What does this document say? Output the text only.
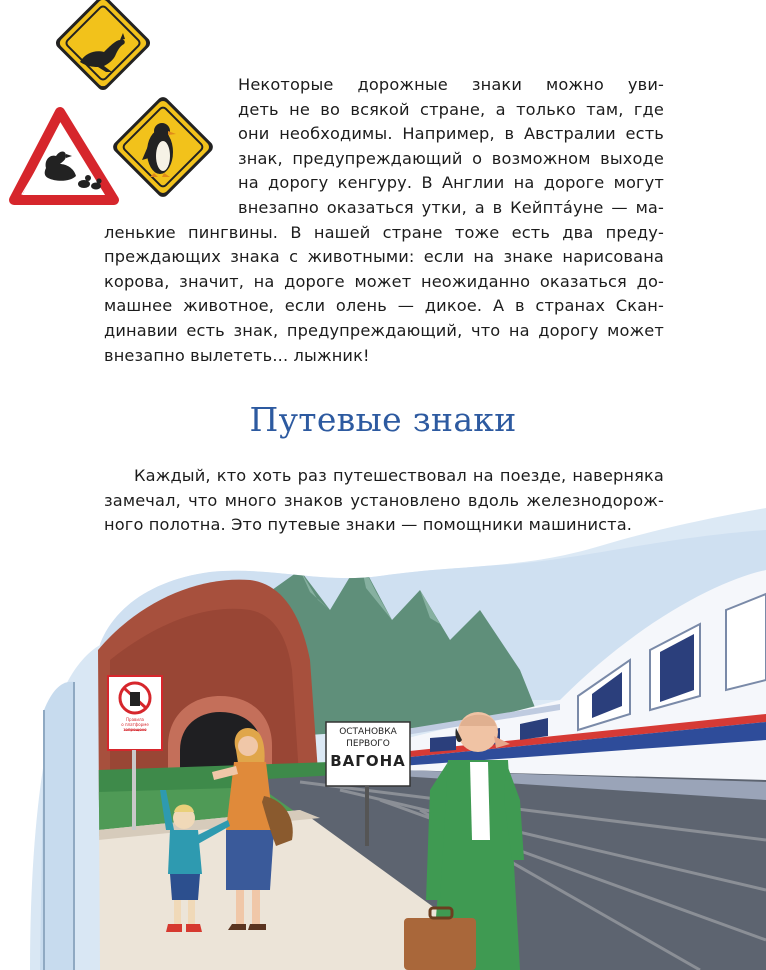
Некоторые дорожные знаки можно уви-
деть не во всякой стране, а только там, где
они необходимы. Например, в Австралии есть
знак, предупреждающий о возможном выходе
на дорогу кенгуру. В Англии на дороге могут
внезапно оказаться утки, а в Кейпта́уне — ма-
ленькие пингвины. В нашей стране тоже есть два преду-
преждающих знака с животными: если на знаке нарисована
корова, значит, на дороге может неожиданно оказаться до-
машнее животное, если олень — дикое. А в странах Скан-
динавии есть знак, предупреждающий, что на дорогу может
внезапно вылететь... лыжник!
Путевые знаки
Каждый, кто хоть раз путешествовал на поезде, наверняка
замечал, что много знаков установлено вдоль железнодорож-
ного полотна. Это путевые знаки — помощники машиниста.
ОСТАНОВКА
ПЕРВОГО
ВАГОНА
Правила
о платформе
запрещено
